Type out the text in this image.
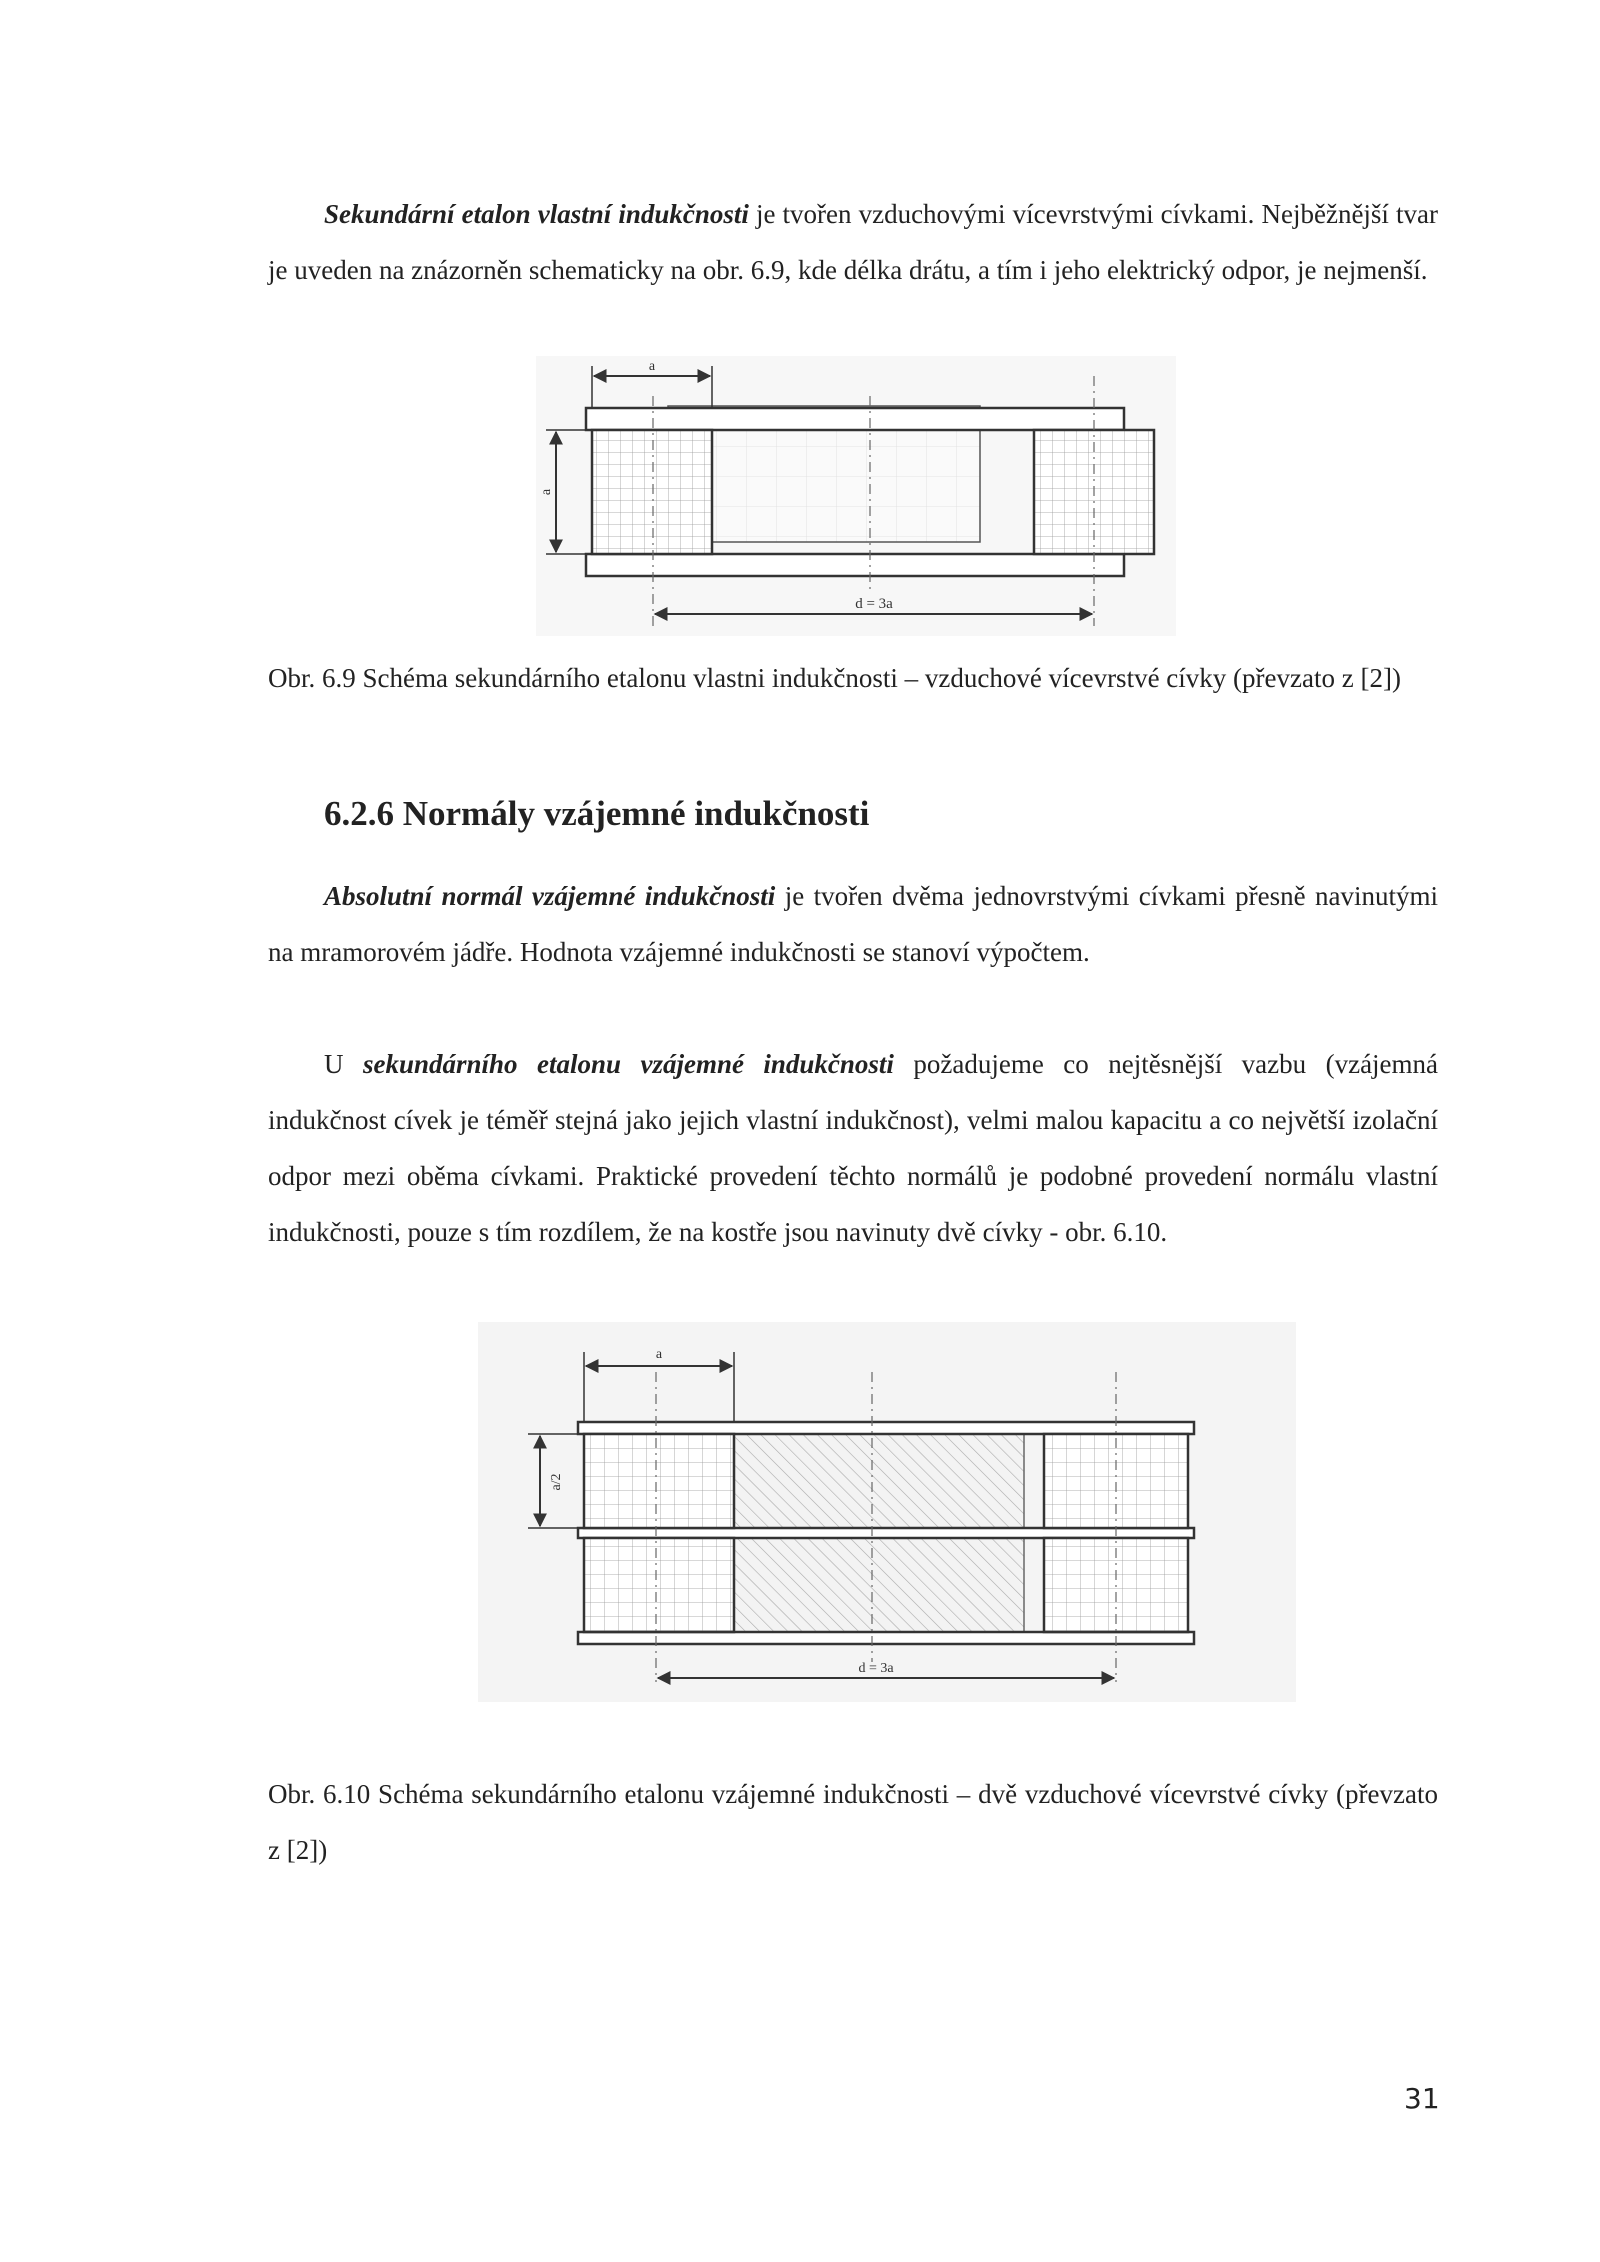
Sekundární etalon vlastní indukčnosti je tvořen vzduchovými vícevrstvými cívkami. Nejběžnější tvar je uveden na znázorněn schematicky na obr. 6.9, kde délka drátu, a tím i jeho elektrický odpor, je nejmenší.

a
a
d = 3a

Obr. 6.9 Schéma sekundárního etalonu vlastni indukčnosti – vzduchové vícevrstvé cívky (převzato z [2])

6.2.6 Normály vzájemné indukčnosti

Absolutní normál vzájemné indukčnosti je tvořen dvěma jednovrstvými cívkami přesně navinutými na mramorovém jádře. Hodnota vzájemné indukčnosti se stanoví výpočtem.

U sekundárního etalonu vzájemné indukčnosti požadujeme co nejtěsnější vazbu (vzájemná indukčnost cívek je téměř stejná jako jejich vlastní indukčnost), velmi malou kapacitu a co největší izolační odpor mezi oběma cívkami. Praktické provedení těchto normálů je podobné provedení normálu vlastní indukčnosti, pouze s tím rozdílem, že na kostře jsou navinuty dvě cívky - obr. 6.10.

a
a/2
d = 3a

Obr. 6.10 Schéma sekundárního etalonu vzájemné indukčnosti – dvě vzduchové vícevrstvé cívky (převzato z [2])

31
